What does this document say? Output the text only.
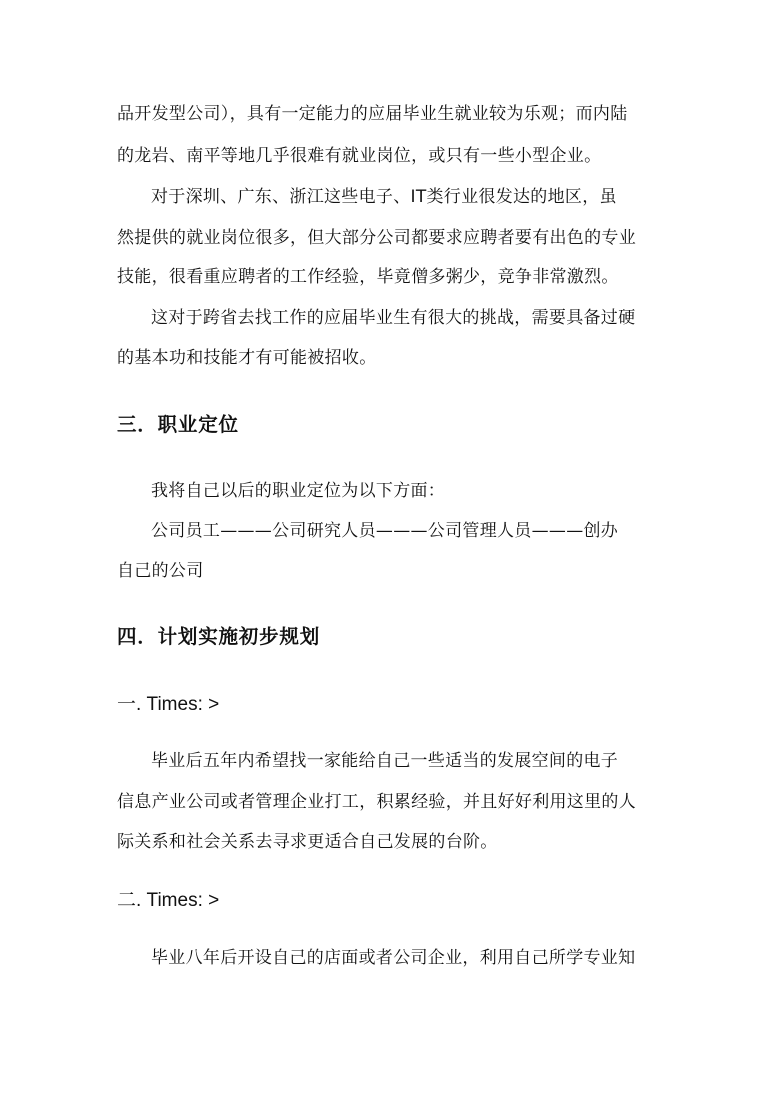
品开发型公司），具有一定能力的应届毕业生就业较为乐观；而内陆
的龙岩、南平等地几乎很难有就业岗位，或只有一些小型企业。
对于深圳、广东、浙江这些电子、IT类行业很发达的地区，虽
然提供的就业岗位很多，但大部分公司都要求应聘者要有出色的专业
技能，很看重应聘者的工作经验，毕竟僧多粥少，竞争非常激烈。
这对于跨省去找工作的应届毕业生有很大的挑战，需要具备过硬
的基本功和技能才有可能被招收。
三．职业定位
我将自己以后的职业定位为以下方面：
公司员工———公司研究人员———公司管理人员———创办
自己的公司
四．计划实施初步规划
一. Times: >
毕业后五年内希望找一家能给自己一些适当的发展空间的电子
信息产业公司或者管理企业打工，积累经验，并且好好利用这里的人
际关系和社会关系去寻求更适合自己发展的台阶。
二. Times: >
毕业八年后开设自己的店面或者公司企业，利用自己所学专业知
